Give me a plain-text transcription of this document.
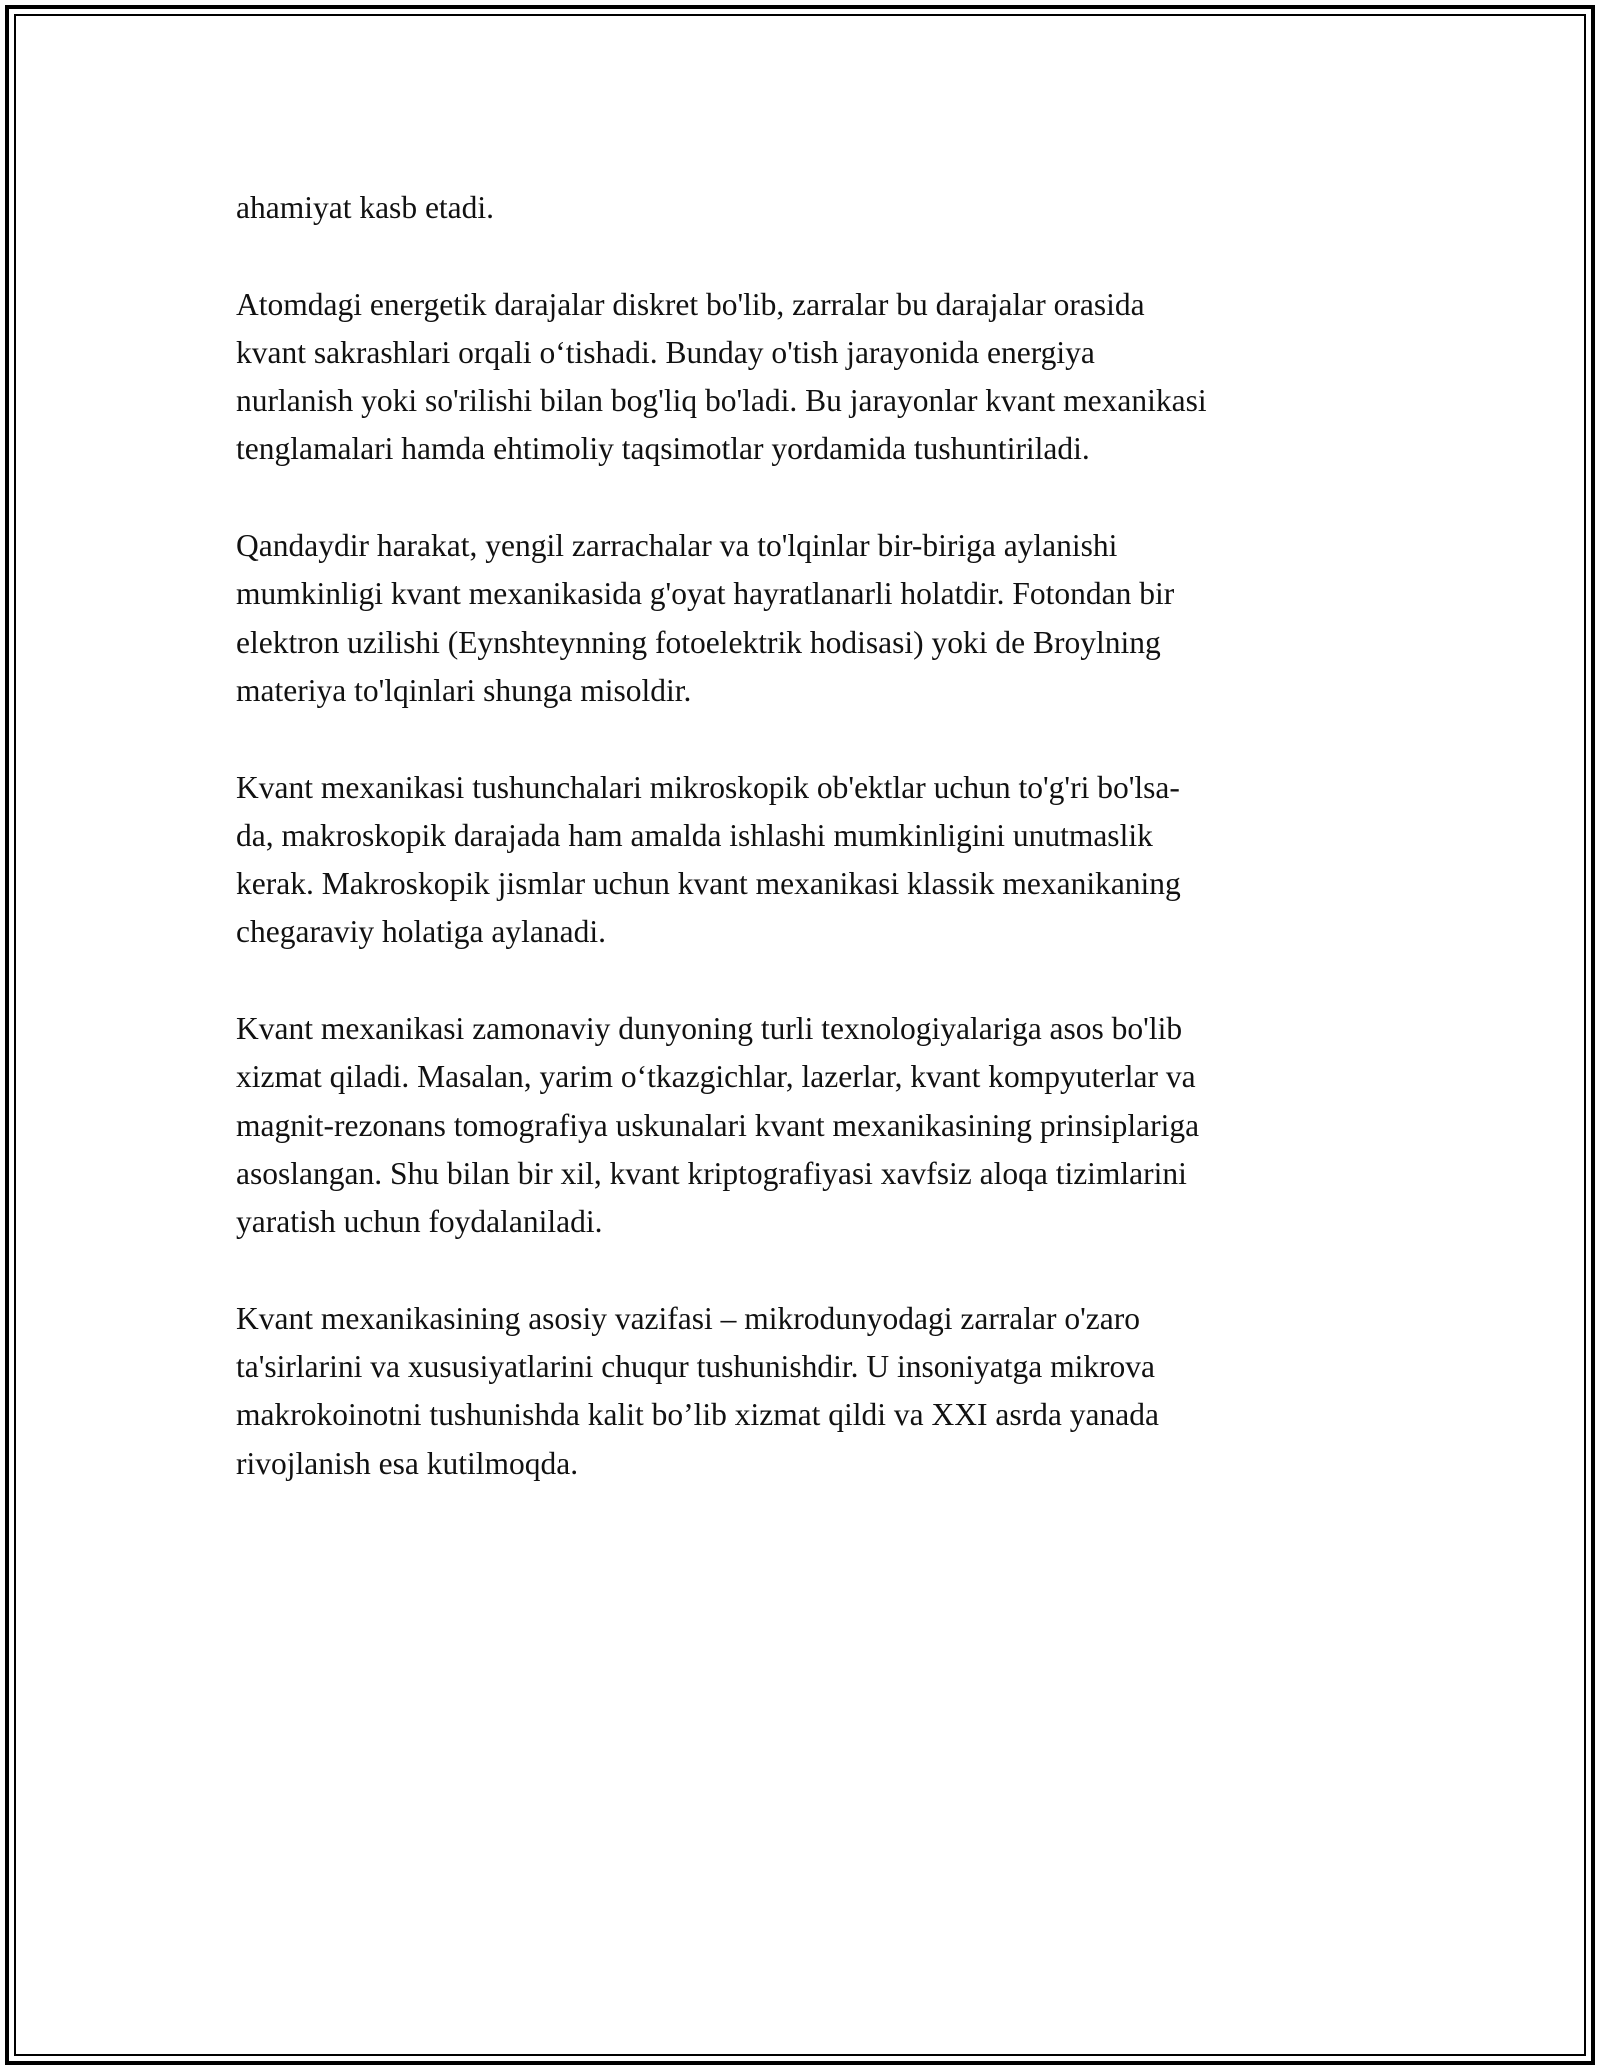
ahamiyat kasb etadi.
Atomdagi energetik darajalar diskret bo'lib, zarralar bu darajalar orasida
kvant sakrashlari orqali o‘tishadi. Bunday o'tish jarayonida energiya
nurlanish yoki so'rilishi bilan bog'liq bo'ladi. Bu jarayonlar kvant mexanikasi
tenglamalari hamda ehtimoliy taqsimotlar yordamida tushuntiriladi.
Qandaydir harakat, yengil zarrachalar va to'lqinlar bir-biriga aylanishi
mumkinligi kvant mexanikasida g'oyat hayratlanarli holatdir. Fotondan bir
elektron uzilishi (Eynshteynning fotoelektrik hodisasi) yoki de Broylning
materiya to'lqinlari shunga misoldir.
Kvant mexanikasi tushunchalari mikroskopik ob'ektlar uchun to'g'ri bo'lsa-
da, makroskopik darajada ham amalda ishlashi mumkinligini unutmaslik
kerak. Makroskopik jismlar uchun kvant mexanikasi klassik mexanikaning
chegaraviy holatiga aylanadi.
Kvant mexanikasi zamonaviy dunyoning turli texnologiyalariga asos bo'lib
xizmat qiladi. Masalan, yarim o‘tkazgichlar, lazerlar, kvant kompyuterlar va
magnit-rezonans tomografiya uskunalari kvant mexanikasining prinsiplariga
asoslangan. Shu bilan bir xil, kvant kriptografiyasi xavfsiz aloqa tizimlarini
yaratish uchun foydalaniladi.
Kvant mexanikasining asosiy vazifasi – mikrodunyodagi zarralar o'zaro
ta'sirlarini va xususiyatlarini chuqur tushunishdir. U insoniyatga mikrova
makrokoinotni tushunishda kalit bo’lib xizmat qildi va XXI asrda yanada
rivojlanish esa kutilmoqda.
